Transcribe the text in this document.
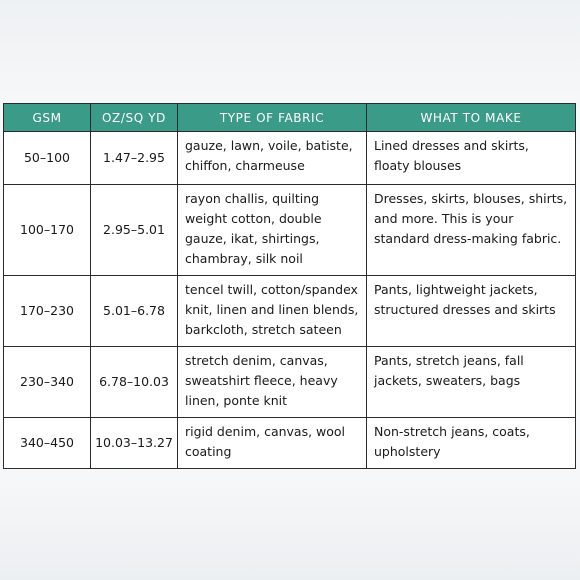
GSM	OZ/SQ YD	TYPE OF FABRIC	WHAT TO MAKE
50–100	1.47–2.95	gauze, lawn, voile, batiste, chiffon, charmeuse	Lined dresses and skirts, floaty blouses
100–170	2.95–5.01	rayon challis, quilting weight cotton, double gauze, ikat, shirtings, chambray, silk noil	Dresses, skirts, blouses, shirts, and more. This is your standard dress-making fabric.
170–230	5.01–6.78	tencel twill, cotton/spandex knit, linen and linen blends, barkcloth, stretch sateen	Pants, lightweight jackets, structured dresses and skirts
230–340	6.78–10.03	stretch denim, canvas, sweatshirt fleece, heavy linen, ponte knit	Pants, stretch jeans, fall jackets, sweaters, bags
340–450	10.03–13.27	rigid denim, canvas, wool coating	Non-stretch jeans, coats, upholstery
